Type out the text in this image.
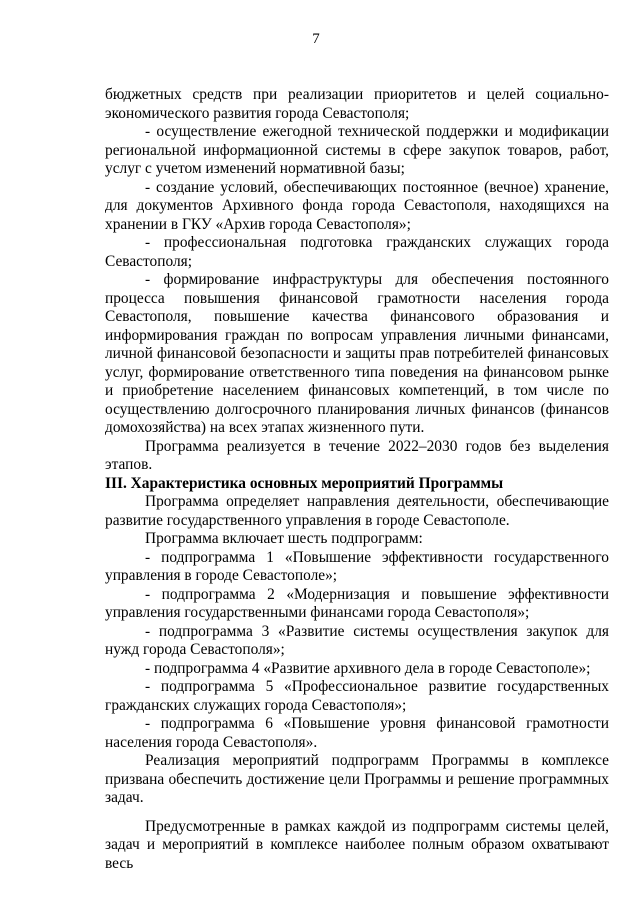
7

бюджетных средств при реализации приоритетов и целей социально-экономического развития города Севастополя;

- осуществление ежегодной технической поддержки и модификации региональной информационной системы в сфере закупок товаров, работ, услуг с учетом изменений нормативной базы;

- создание условий, обеспечивающих постоянное (вечное) хранение, для документов Архивного фонда города Севастополя, находящихся на хранении в ГКУ «Архив города Севастополя»;

- профессиональная подготовка гражданских служащих города Севастополя;

- формирование инфраструктуры для обеспечения постоянного процесса повышения финансовой грамотности населения города Севастополя, повышение качества финансового образования и информирования граждан по вопросам управления личными финансами, личной финансовой безопасности и защиты прав потребителей финансовых услуг, формирование ответственного типа поведения на финансовом рынке и приобретение населением финансовых компетенций, в том числе по осуществлению долгосрочного планирования личных финансов (финансов домохозяйства) на всех этапах жизненного пути.

Программа реализуется в течение 2022–2030 годов без выделения этапов.

III. Характеристика основных мероприятий Программы

Программа определяет направления деятельности, обеспечивающие развитие государственного управления в городе Севастополе.

Программа включает шесть подпрограмм:

- подпрограмма 1 «Повышение эффективности государственного управления в городе Севастополе»;

- подпрограмма 2 «Модернизация и повышение эффективности управления государственными финансами города Севастополя»;

- подпрограмма 3 «Развитие системы осуществления закупок для нужд города Севастополя»;

- подпрограмма 4 «Развитие архивного дела в городе Севастополе»;

- подпрограмма 5 «Профессиональное развитие государственных гражданских служащих города Севастополя»;

- подпрограмма 6 «Повышение уровня финансовой грамотности населения города Севастополя».

Реализация мероприятий подпрограмм Программы в комплексе призвана обеспечить достижение цели Программы и решение программных задач.

Предусмотренные в рамках каждой из подпрограмм системы целей, задач и мероприятий в комплексе наиболее полным образом охватывают весь
